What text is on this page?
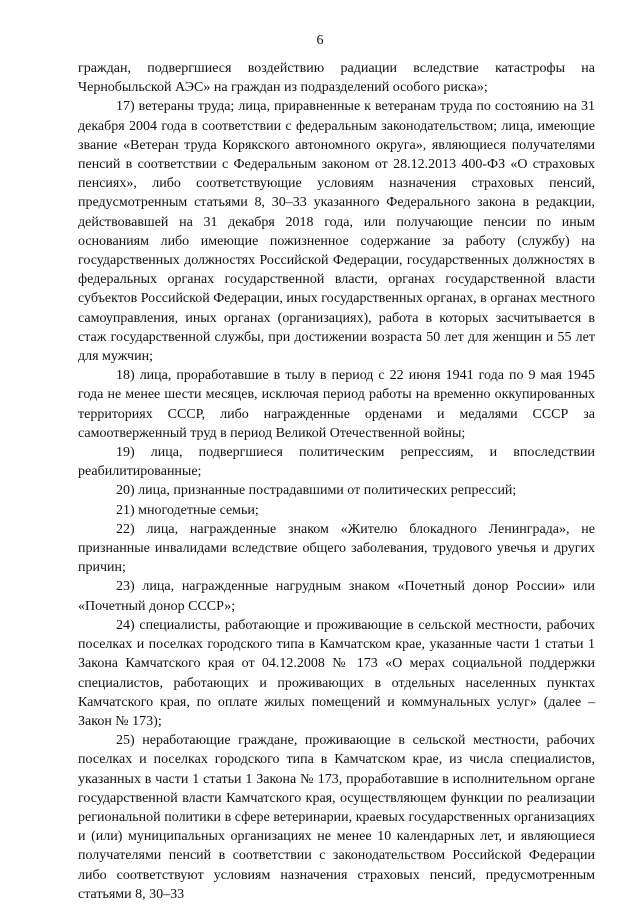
6

граждан, подвергшиеся воздействию радиации вследствие катастрофы на Чернобыльской АЭС» на граждан из подразделений особого риска»;

17) ветераны труда; лица, приравненные к ветеранам труда по состоянию на 31 декабря 2004 года в соответствии с федеральным законодательством; лица, имеющие звание «Ветеран труда Корякского автономного округа», являющиеся получателями пенсий в соответствии с Федеральным законом от 28.12.2013 400-ФЗ «О страховых пенсиях», либо соответствующие условиям назначения страховых пенсий, предусмотренным статьями 8, 30–33 указанного Федерального закона в редакции, действовавшей на 31 декабря 2018 года, или получающие пенсии по иным основаниям либо имеющие пожизненное содержание за работу (службу) на государственных должностях Российской Федерации, государственных должностях в федеральных органах государственной власти, органах государственной власти субъектов Российской Федерации, иных государственных органах, в органах местного самоуправления, иных органах (организациях), работа в которых засчитывается в стаж государственной службы, при достижении возраста 50 лет для женщин и 55 лет для мужчин;

18) лица, проработавшие в тылу в период с 22 июня 1941 года по 9 мая 1945 года не менее шести месяцев, исключая период работы на временно оккупированных территориях СССР, либо награжденные орденами и медалями СССР за самоотверженный труд в период Великой Отечественной войны;

19) лица, подвергшиеся политическим репрессиям, и впоследствии реабилитированные;

20) лица, признанные пострадавшими от политических репрессий;

21) многодетные семьи;

22) лица, награжденные знаком «Жителю блокадного Ленинграда», не признанные инвалидами вследствие общего заболевания, трудового увечья и других причин;

23) лица, награжденные нагрудным знаком «Почетный донор России» или «Почетный донор СССР»;

24) специалисты, работающие и проживающие в сельской местности, рабочих поселках и поселках городского типа в Камчатском крае, указанные части 1 статьи 1 Закона Камчатского края от 04.12.2008 № 173 «О мерах социальной поддержки специалистов, работающих и проживающих в отдельных населенных пунктах Камчатского края, по оплате жилых помещений и коммунальных услуг» (далее – Закон № 173);

25) неработающие граждане, проживающие в сельской местности, рабочих поселках и поселках городского типа в Камчатском крае, из числа специалистов, указанных в части 1 статьи 1 Закона № 173, проработавшие в исполнительном органе государственной власти Камчатского края, осуществляющем функции по реализации региональной политики в сфере ветеринарии, краевых государственных организациях и (или) муниципальных организациях не менее 10 календарных лет, и являющиеся получателями пенсий в соответствии с законодательством Российской Федерации либо соответствуют условиям назначения страховых пенсий, предусмотренным статьями 8, 30–33
